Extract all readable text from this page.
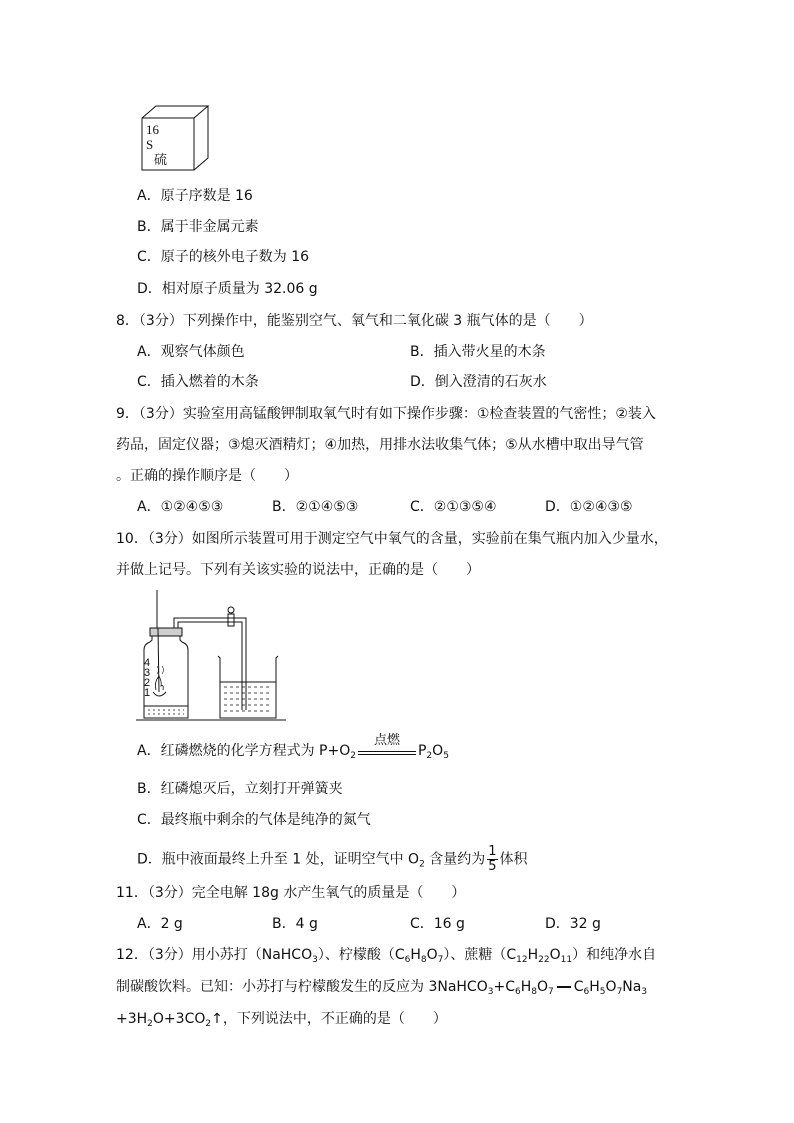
16
S
硫
A．原子序数是 16
B．属于非金属元素
C．原子的核外电子数为 16
D．相对原子质量为 32.06 g
8．（3分）下列操作中，能鉴别空气、氧气和二氧化碳 3 瓶气体的是（　　）
A．观察气体颜色	B．插入带火星的木条
C．插入燃着的木条	D．倒入澄清的石灰水
9．（3分）实验室用高锰酸钾制取氧气时有如下操作步骤：①检查装置的气密性；②装入
药品，固定仪器；③熄灭酒精灯；④加热，用排水法收集气体；⑤从水槽中取出导气管
。正确的操作顺序是（　　）
A．①②④⑤③	B．②①④⑤③	C．②①③⑤④	D．①②④③⑤
10．（3分）如图所示装置可用于测定空气中氧气的含量，实验前在集气瓶内加入少量水，
并做上记号。下列有关该实验的说法中，正确的是（　　）
4
3
2
1
A．红磷燃烧的化学方程式为 $P+O_2$
点燃
$P_2O_5$
B．红磷熄灭后，立刻打开弹簧夹
C．最终瓶中剩余的气体是纯净的氮气
D．瓶中液面最终上升至 1 处，证明空气中 $O_2$ 含量约为 $\frac{1}{5}$ 体积
11．（3分）完全电解 18g 水产生氧气的质量是（　　）
A．2 g	B．4 g	C．16 g	D．32 g
12．（3分）用小苏打（NaHCO$_3$）、柠檬酸$(C_6H_8O_7)$、蔗糖$(C_{12}H_{22}O_{11})$和纯净水自
制碳酸饮料。已知：小苏打与柠檬酸发生的反应为 $3NaHCO_3+C_6H_8O_7$ $C_6H_5O_7Na_3$
$+3H_2O+3CO_2↑$，下列说法中，不正确的是（　　）
